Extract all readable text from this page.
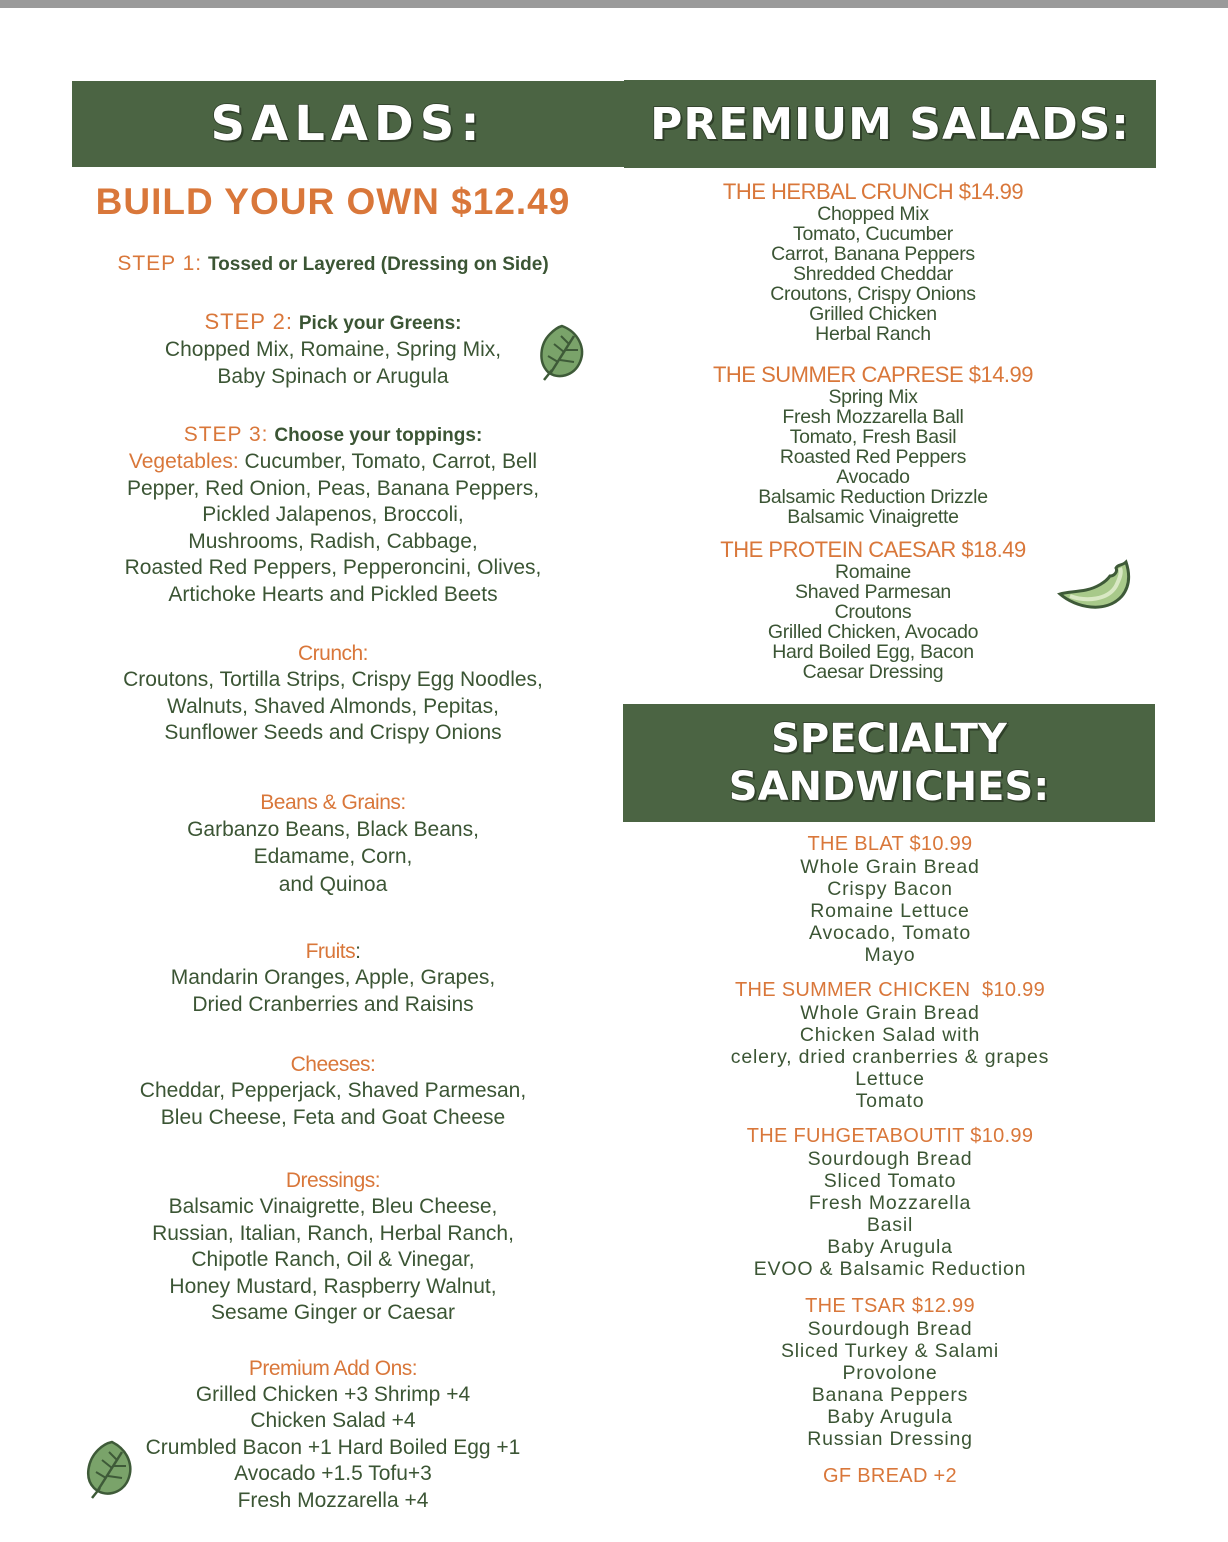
SALADS:	PREMIUM SALADS:
SPECIALTY
SANDWICHES:
BUILD YOUR OWN $12.49
STEP 1: Tossed or Layered (Dressing on Side)
STEP 2: Pick your Greens:
Chopped Mix, Romaine, Spring Mix,
Baby Spinach or Arugula
STEP 3: Choose your toppings:
Vegetables: Cucumber, Tomato, Carrot, Bell
Pepper, Red Onion, Peas, Banana Peppers,
Pickled Jalapenos, Broccoli,
Mushrooms, Radish, Cabbage,
Roasted Red Peppers, Pepperoncini, Olives,
Artichoke Hearts and Pickled Beets
Crunch:
Croutons, Tortilla Strips, Crispy Egg Noodles,
Walnuts, Shaved Almonds, Pepitas,
Sunflower Seeds and Crispy Onions
Beans & Grains:
Garbanzo Beans, Black Beans,
Edamame, Corn,
and Quinoa
Fruits:
Mandarin Oranges, Apple, Grapes,
Dried Cranberries and Raisins
Cheeses:
Cheddar, Pepperjack, Shaved Parmesan,
Bleu Cheese, Feta and Goat Cheese
Dressings:
Balsamic Vinaigrette, Bleu Cheese,
Russian, Italian, Ranch, Herbal Ranch,
Chipotle Ranch, Oil & Vinegar,
Honey Mustard, Raspberry Walnut,
Sesame Ginger or Caesar
Premium Add Ons:
Grilled Chicken +3 Shrimp +4
Chicken Salad +4
Crumbled Bacon +1 Hard Boiled Egg +1
Avocado +1.5 Tofu+3
Fresh Mozzarella +4
THE HERBAL CRUNCH $14.99
Chopped Mix
Tomato, Cucumber
Carrot, Banana Peppers
Shredded Cheddar
Croutons, Crispy Onions
Grilled Chicken
Herbal Ranch
THE SUMMER CAPRESE $14.99
Spring Mix
Fresh Mozzarella Ball
Tomato, Fresh Basil
Roasted Red Peppers
Avocado
Balsamic Reduction Drizzle
Balsamic Vinaigrette
THE PROTEIN CAESAR $18.49
Romaine
Shaved Parmesan
Croutons
Grilled Chicken, Avocado
Hard Boiled Egg, Bacon
Caesar Dressing
THE BLAT $10.99
Whole Grain Bread
Crispy Bacon
Romaine Lettuce
Avocado, Tomato
Mayo
THE SUMMER CHICKEN  $10.99
Whole Grain Bread
Chicken Salad with
celery, dried cranberries & grapes
Lettuce
Tomato
THE FUHGETABOUTIT $10.99
Sourdough Bread
Sliced Tomato
Fresh Mozzarella
Basil
Baby Arugula
EVOO & Balsamic Reduction
THE TSAR $12.99
Sourdough Bread
Sliced Turkey & Salami
Provolone
Banana Peppers
Baby Arugula
Russian Dressing
GF BREAD +2
